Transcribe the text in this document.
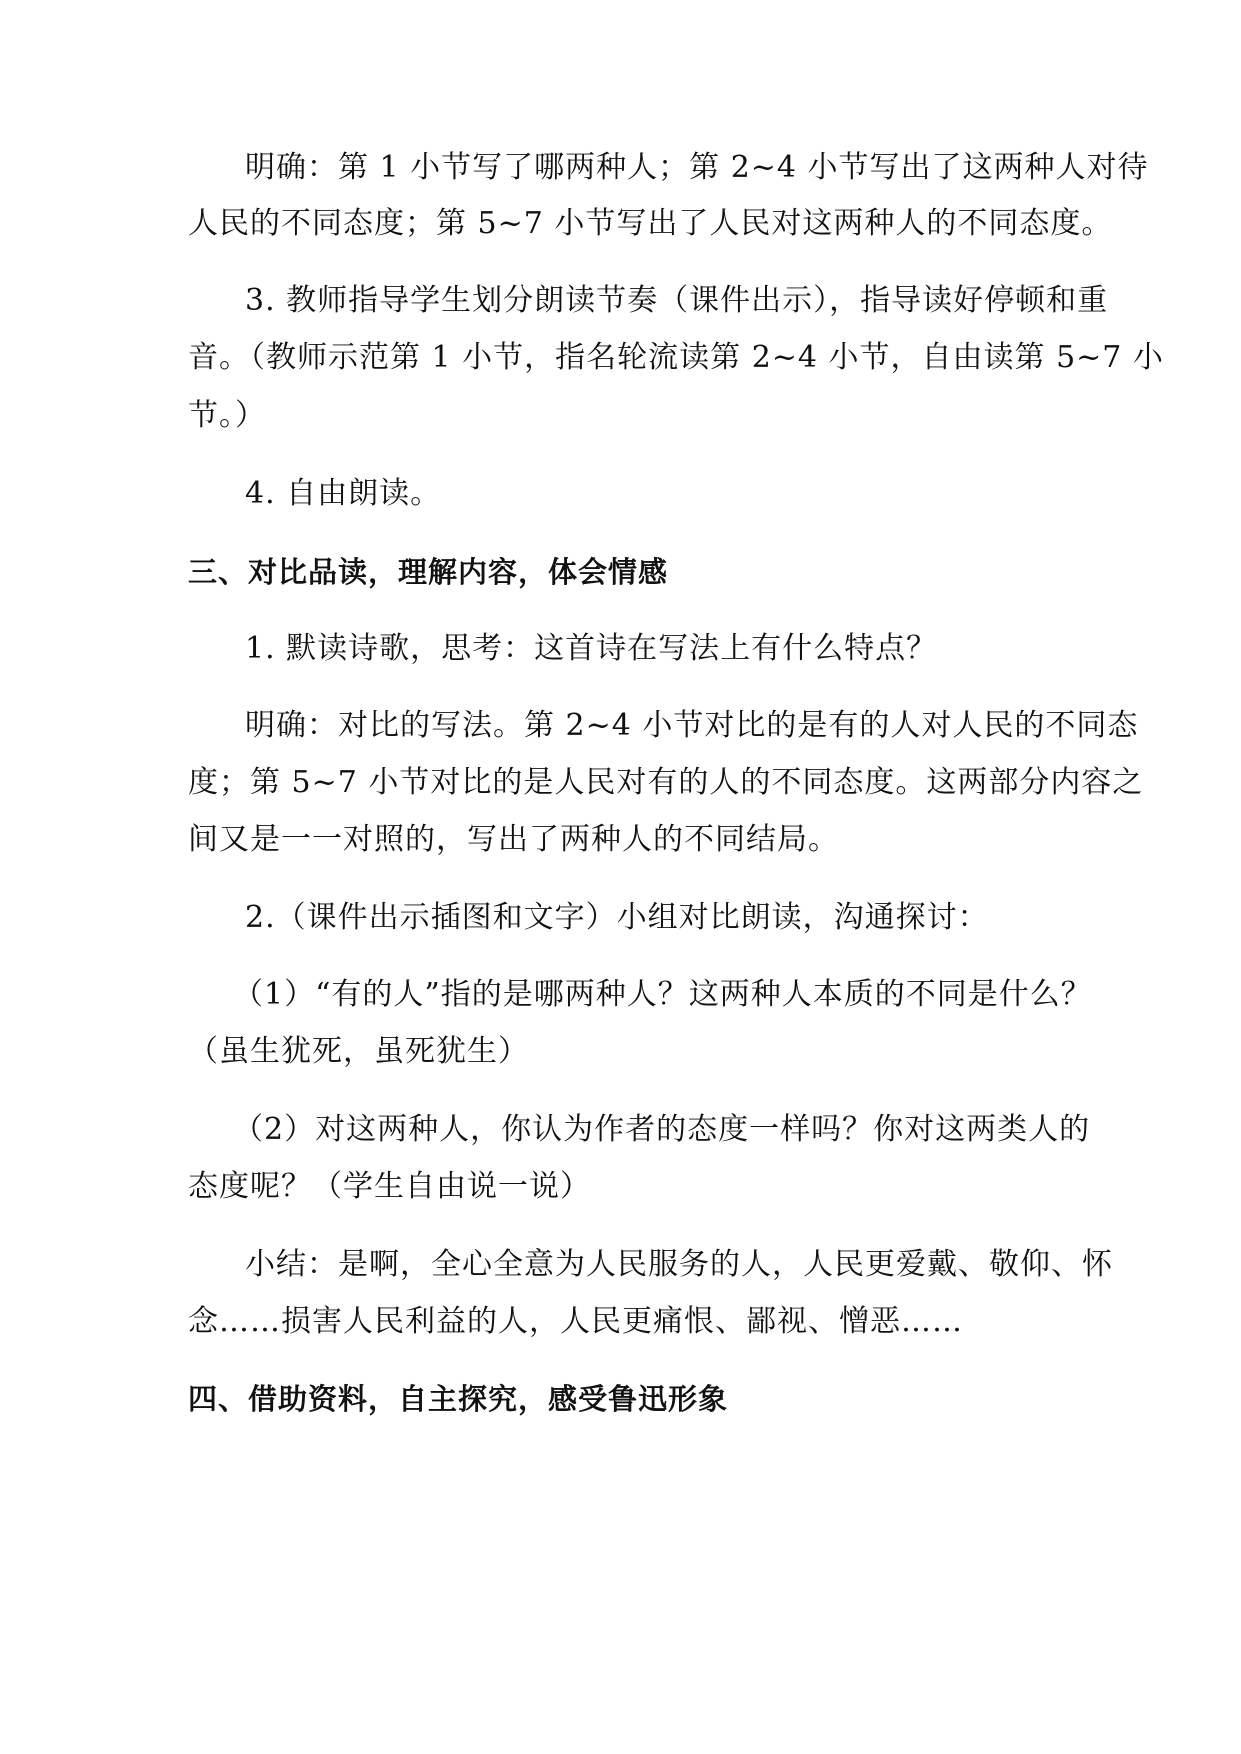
明确：第 1 小节写了哪两种人；第 2~4 小节写出了这两种人对待
人民的不同态度；第 5~7 小节写出了人民对这两种人的不同态度。
3. 教师指导学生划分朗读节奏（课件出示），指导读好停顿和重
音。（教师示范第 1 小节，指名轮流读第 2~4 小节，自由读第 5~7 小
节。）
4. 自由朗读。
三、对比品读，理解内容，体会情感
1. 默读诗歌，思考：这首诗在写法上有什么特点？
明确：对比的写法。第 2~4 小节对比的是有的人对人民的不同态
度；第 5~7 小节对比的是人民对有的人的不同态度。这两部分内容之
间又是一一对照的，写出了两种人的不同结局。
2.（课件出示插图和文字）小组对比朗读，沟通探讨：
（1）“有的人”指的是哪两种人？这两种人本质的不同是什么？
（虽生犹死，虽死犹生）
（2）对这两种人，你认为作者的态度一样吗？你对这两类人的
态度呢？（学生自由说一说）
小结：是啊，全心全意为人民服务的人，人民更爱戴、敬仰、怀
念……损害人民利益的人，人民更痛恨、鄙视、憎恶……
四、借助资料，自主探究，感受鲁迅形象
